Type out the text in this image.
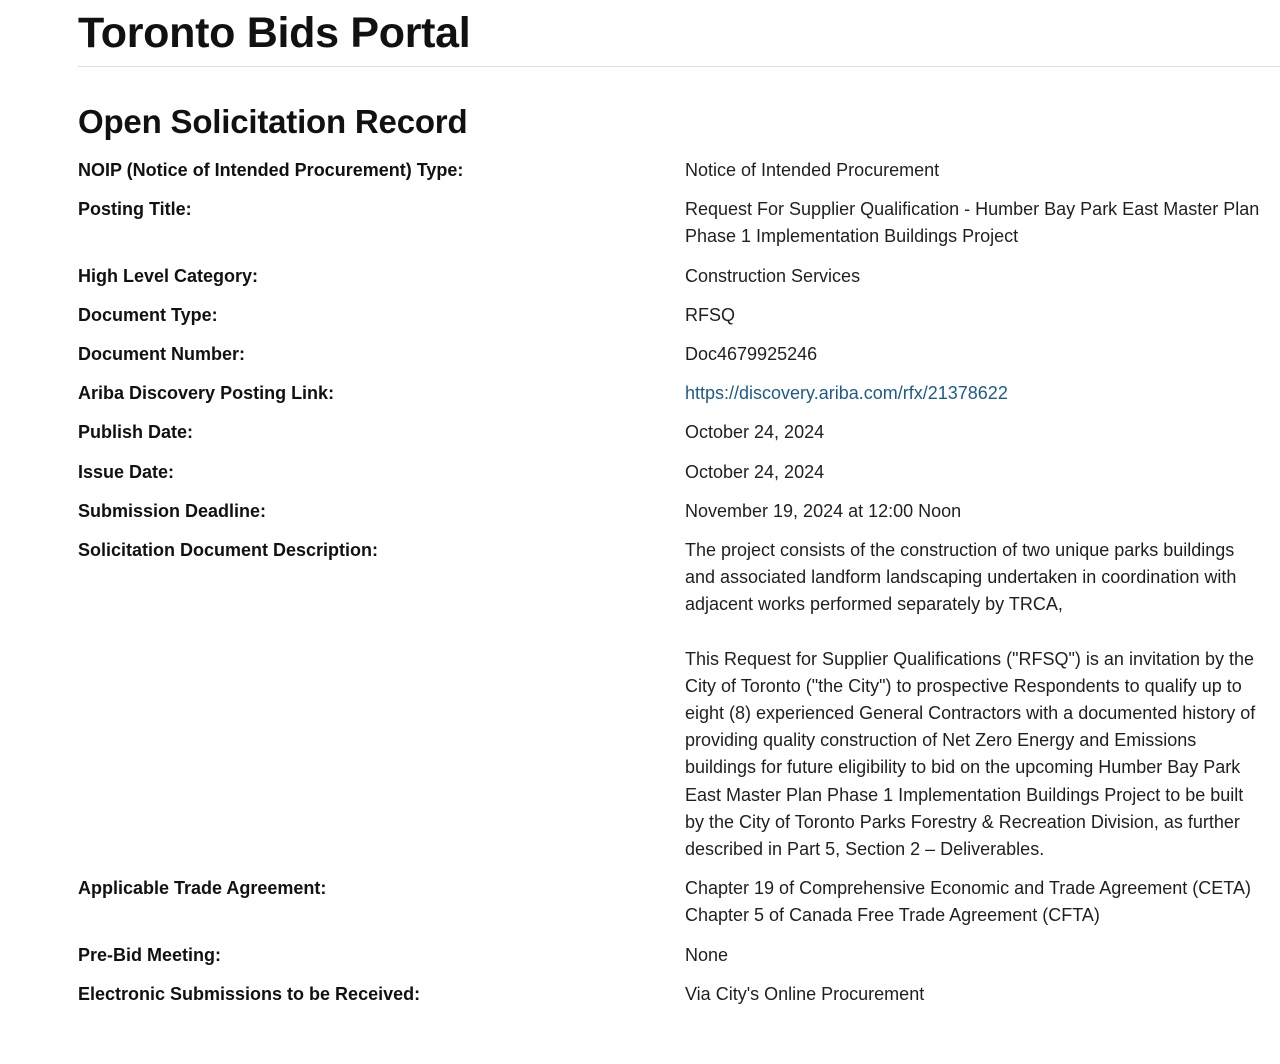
Toronto Bids Portal
Open Solicitation Record
NOIP (Notice of Intended Procurement) Type:	Notice of Intended Procurement
Posting Title:	Request For Supplier Qualification - Humber Bay Park East Master Plan Phase 1 Implementation Buildings Project
High Level Category:	Construction Services
Document Type:	RFSQ
Document Number:	Doc4679925246
Ariba Discovery Posting Link:	https://discovery.ariba.com/rfx/21378622
Publish Date:	October 24, 2024
Issue Date:	October 24, 2024
Submission Deadline:	November 19, 2024 at 12:00 Noon
Solicitation Document Description:	The project consists of the construction of two unique parks buildings and associated landform landscaping undertaken in coordination with adjacent works performed separately by TRCA,

This Request for Supplier Qualifications ("RFSQ") is an invitation by the City of Toronto ("the City") to prospective Respondents to qualify up to eight (8) experienced General Contractors with a documented history of providing quality construction of Net Zero Energy and Emissions buildings for future eligibility to bid on the upcoming Humber Bay Park East Master Plan Phase 1 Implementation Buildings Project to be built by the City of Toronto Parks Forestry & Recreation Division, as further described in Part 5, Section 2 – Deliverables.

Applicable Trade Agreement:	Chapter 19 of Comprehensive Economic and Trade Agreement (CETA)
Chapter 5 of Canada Free Trade Agreement (CFTA)
Pre-Bid Meeting:	None
Electronic Submissions to be Received:	Via City's Online Procurement
